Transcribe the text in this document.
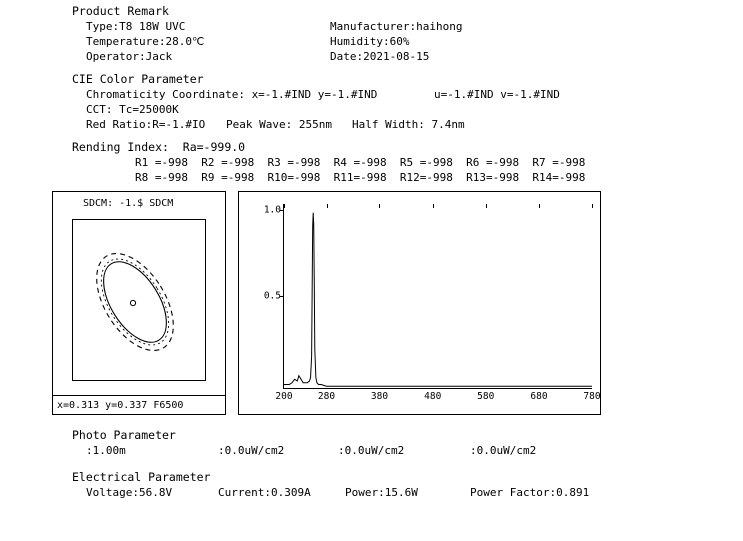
Product Remark
Type:T8 18W UVC	Manufacturer:haihong
Temperature:28.0℃	Humidity:60%
Operator:Jack	Date:2021-08-15
CIE Color Parameter
Chromaticity Coordinate: x=-1.#IND y=-1.#IND	u=-1.#IND v=-1.#IND
CCT: Tc=25000K
Red Ratio:R=-1.#IO Peak Wave: 255nm Half Width: 7.4nm
Rending Index:  Ra=-999.0
R1 =-998  R2 =-998  R3 =-998  R4 =-998  R5 =-998  R6 =-998  R7 =-998
R8 =-998  R9 =-998  R10=-998  R11=-998  R12=-998  R13=-998  R14=-998
SDCM: -1.$ SDCM
x=0.313 y=0.337 F6500
1.0
0.5
200	280	380	480	580	680	780
Photo Parameter
:1.00m	:0.0uW/cm2	:0.0uW/cm2	:0.0uW/cm2
Electrical Parameter
Voltage:56.8V	Current:0.309A	Power:15.6W	Power Factor:0.891
